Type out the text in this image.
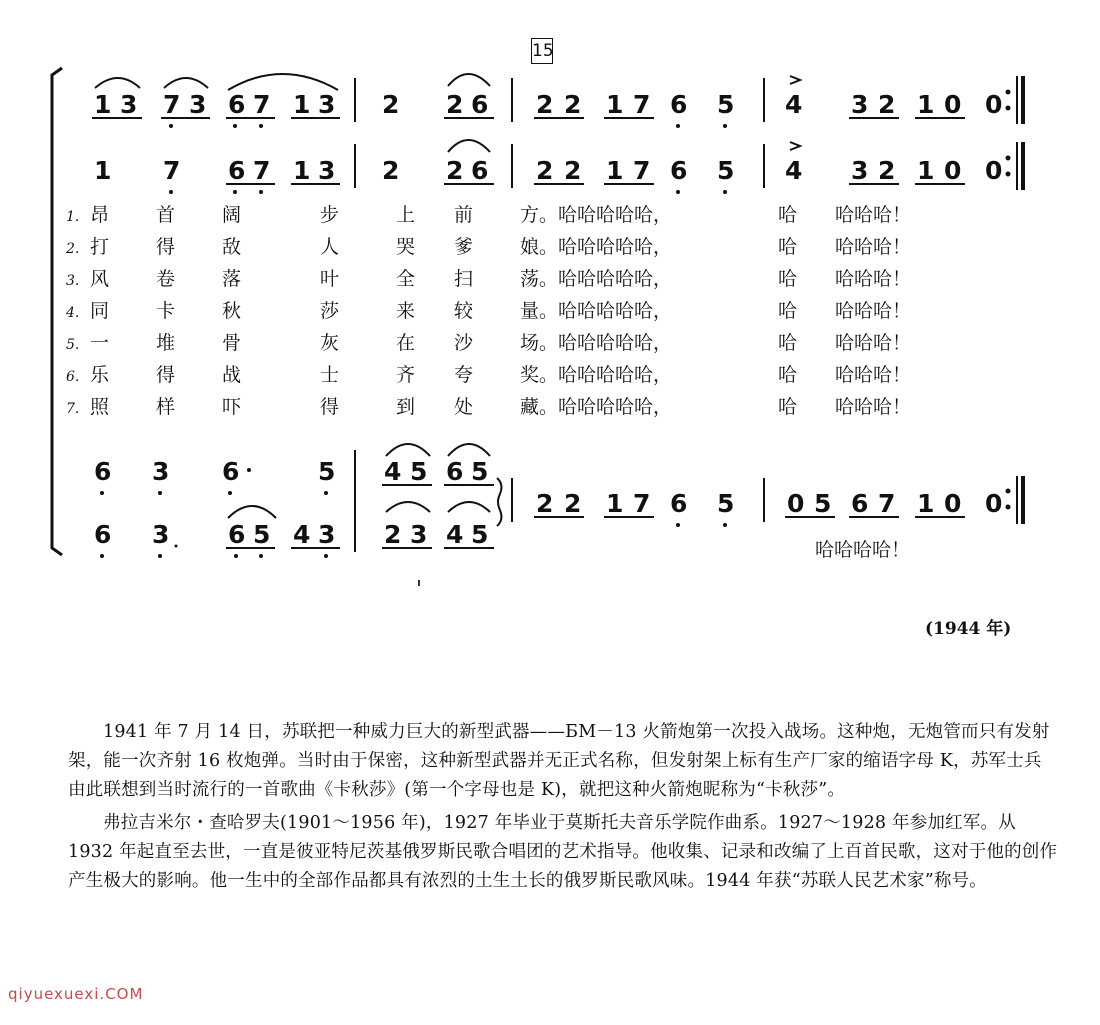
15
1 3 7 3 6 7 1 3 2 2 6 2 2 1 7 6 5 4 3 2 1 0 0
1 7 6 7 1 3 2 2 6 2 2 1 7 6 5 4 3 2 1 0 0
6 3 6	5 4 5 6 5
6 3 6 5 4 3 2 3 4 5
2 2 1 7 6 5 0 5 6 7 1 0 0
1. 昂 首 阔	步	上 前 方。哈哈哈哈哈，	哈　　哈哈哈！
2. 打 得 敌	人	哭 爹 娘。哈哈哈哈哈，	哈　　哈哈哈！
3. 风 卷 落	叶	全 扫 荡。哈哈哈哈哈，	哈　　哈哈哈！
4. 同 卡 秋	莎	来 较 量。哈哈哈哈哈，	哈　　哈哈哈！
5. 一 堆 骨	灰	在 沙 场。哈哈哈哈哈，	哈　　哈哈哈！
6. 乐 得 战	士	齐 夸 奖。哈哈哈哈哈，	哈　　哈哈哈！
7. 照 样 吓	得	到 处 藏。哈哈哈哈哈，	哈　　哈哈哈！
哈哈哈哈！
(1944 年)

1941 年 7 月 14 日，苏联把一种威力巨大的新型武器——БМ－13 火箭炮第一次投入战场。这种炮，无炮管而只有发射架，能一次齐射 16 枚炮弹。当时由于保密，这种新型武器并无正式名称，但发射架上标有生产厂家的缩语字母 K，苏军士兵由此联想到当时流行的一首歌曲《卡秋莎》(第一个字母也是 K)，就把这种火箭炮昵称为“卡秋莎”。

弗拉吉米尔・查哈罗夫(1901～1956 年)，1927 年毕业于莫斯托夫音乐学院作曲系。1927～1928 年参加红军。从 1932 年起直至去世，一直是彼亚特尼茨基俄罗斯民歌合唱团的艺术指导。他收集、记录和改编了上百首民歌，这对于他的创作产生极大的影响。他一生中的全部作品都具有浓烈的土生土长的俄罗斯民歌风味。1944 年获“苏联人民艺术家”称号。

qiyuexuexi.COM
